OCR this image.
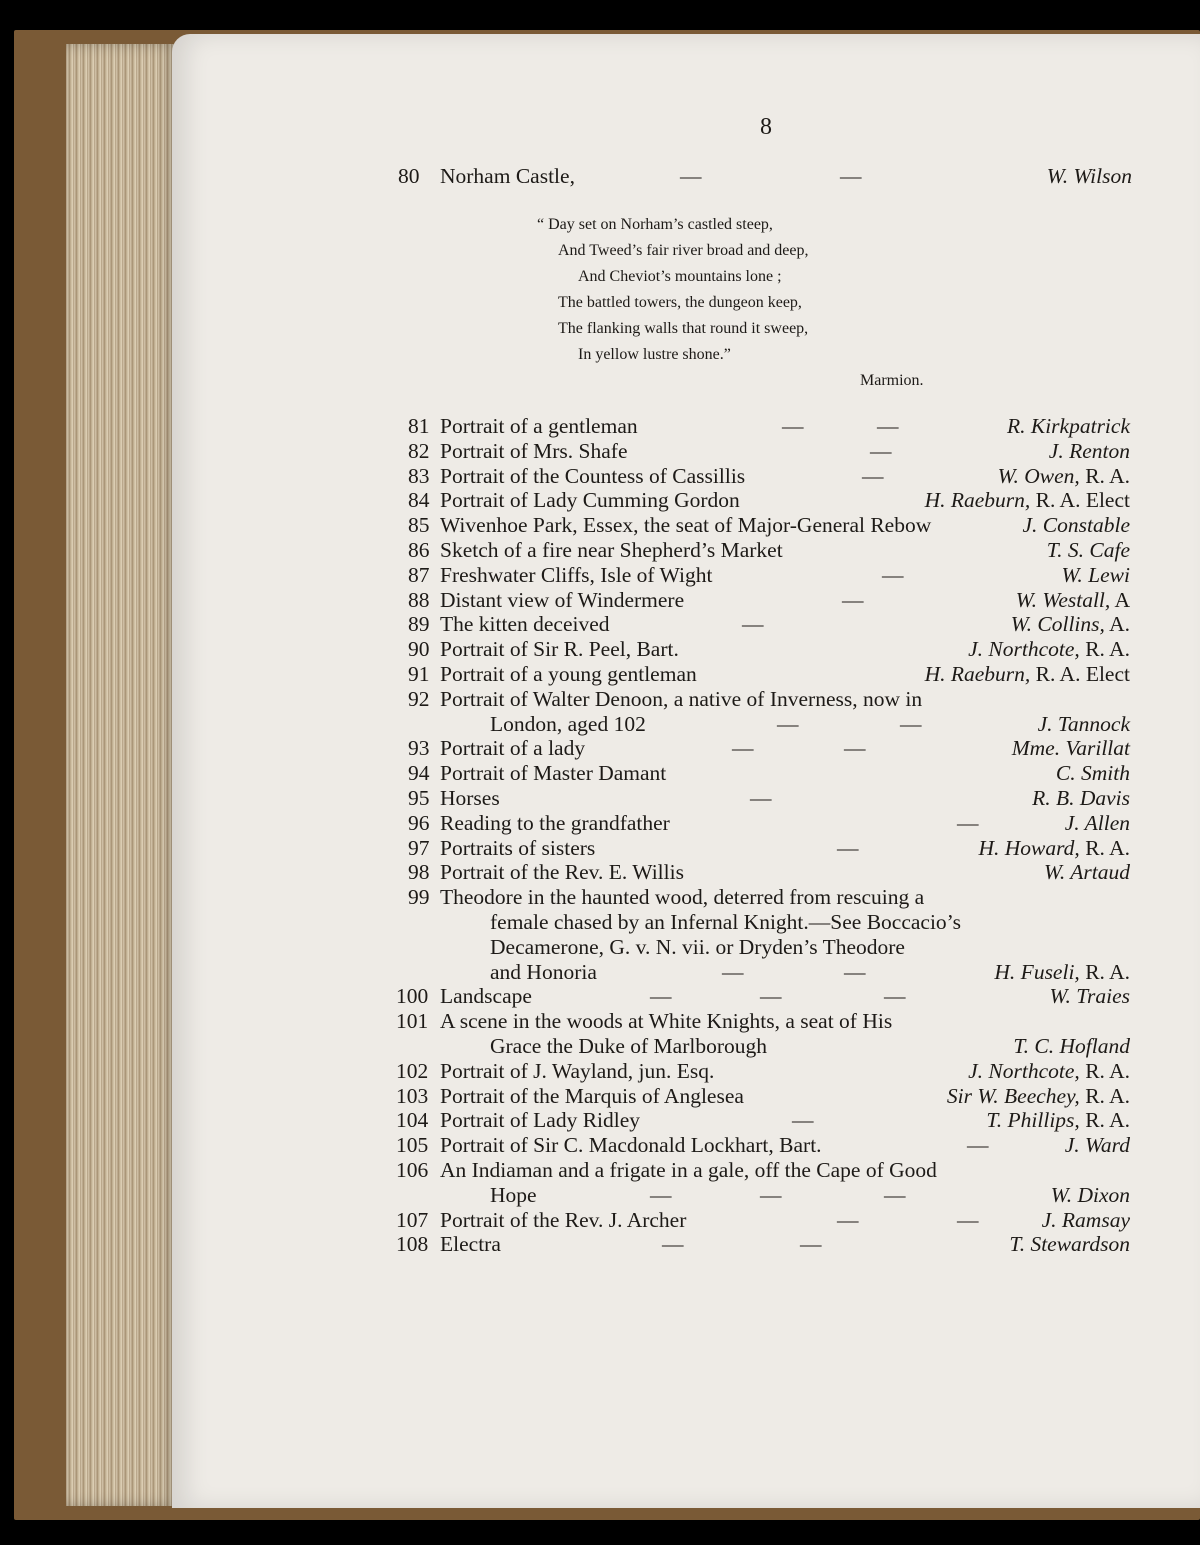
8
80 Norham Castle,	—	—	W. Wilson
“ Day set on Norham’s castled steep,
And Tweed’s fair river broad and deep,
And Cheviot’s mountains lone ;
The battled towers, the dungeon keep,
The flanking walls that round it sweep,
In yellow lustre shone.”
Marmion.
81 Portrait of a gentleman	—	—	R. Kirkpatrick
82 Portrait of Mrs. Shafe	—	J. Renton
83 Portrait of the Countess of Cassillis	—	W. Owen, R. A.
84 Portrait of Lady Cumming Gordon	H. Raeburn, R. A. Elect
85 Wivenhoe Park, Essex, the seat of Major-General Rebow	J. Constable
86 Sketch of a fire near Shepherd’s Market	T. S. Cafe
87 Freshwater Cliffs, Isle of Wight	—	W. Lewi
88 Distant view of Windermere	—	W. Westall, A
89 The kitten deceived	—	W. Collins, A.
90 Portrait of Sir R. Peel, Bart.	J. Northcote, R. A.
91 Portrait of a young gentleman	H. Raeburn, R. A. Elect
92 Portrait of Walter Denoon, a native of Inverness, now in
London, aged 102	—	—	J. Tannock
93 Portrait of a lady	—	—	Mme. Varillat
94 Portrait of Master Damant	C. Smith
95 Horses	—	R. B. Davis
96 Reading to the grandfather	—	J. Allen
97 Portraits of sisters	—	H. Howard, R. A.
98 Portrait of the Rev. E. Willis	W. Artaud
99 Theodore in the haunted wood, deterred from rescuing a
female chased by an Infernal Knight.—See Boccacio’s
Decamerone, G. v. N. vii. or Dryden’s Theodore
and Honoria	—	—	H. Fuseli, R. A.
100 Landscape	—	—	—	W. Traies
101 A scene in the woods at White Knights, a seat of His
Grace the Duke of Marlborough	T. C. Hofland
102 Portrait of J. Wayland, jun. Esq.	J. Northcote, R. A.
103 Portrait of the Marquis of Anglesea	Sir W. Beechey, R. A.
104 Portrait of Lady Ridley	—	T. Phillips, R. A.
105 Portrait of Sir C. Macdonald Lockhart, Bart.	—	J. Ward
106 An Indiaman and a frigate in a gale, off the Cape of Good
Hope	—	—	—	W. Dixon
107 Portrait of the Rev. J. Archer	—	—	J. Ramsay
108 Electra	—	—	T. Stewardson
